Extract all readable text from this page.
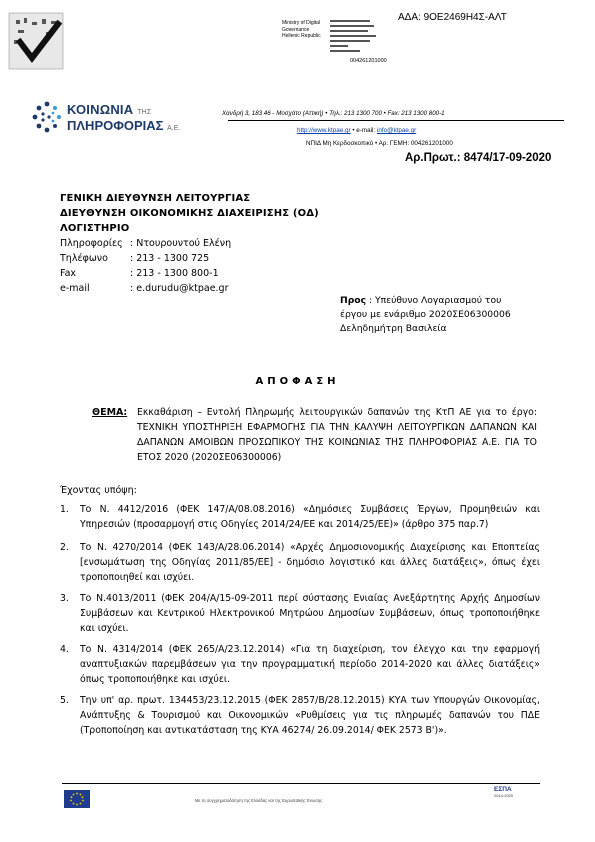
ΑΔΑ: 9ΟΕ2469Η4Σ-ΑΛΤ
Ministry of Digital
Governance
Hellenic Republic
004261201000
ΚΟΙΝΩΝΙΑ ΤΗΣ
ΠΛΗΡΟΦΟΡΙΑΣ Α.Ε.
Χανδρή 3, 183 46 - Μοσχάτο (Αττική) • Τηλ.: 213 1300 700 • Fax: 213 1300 800-1
http://www.ktpae.gr • e-mail: info@ktpae.gr
ΝΠΙΔ Μη Κερδοσκοπικό • Αρ. ΓΕΜΗ: 004261201000
Αρ.Πρωτ.: 8474/17-09-2020
ΓΕΝΙΚΗ ΔΙΕΥΘΥΝΣΗ ΛΕΙΤΟΥΡΓΙΑΣ
ΔΙΕΥΘΥΝΣΗ ΟΙΚΟΝΟΜΙΚΗΣ ΔΙΑΧΕΙΡΙΣΗΣ (ΟΔ)
ΛΟΓΙΣΤΗΡΙΟ
Πληροφορίες : Ντουρουντού Ελένη
Τηλέφωνο : 213 - 1300 725
Fax	: 213 - 1300 800-1
e-mail	: e.durudu@ktpae.gr
Προς : Υπεύθυνο Λογαριασμού του
έργου με ενάριθμο 2020ΣΕ06300006
Δεληδημήτρη Βασιλεία
ΑΠΟΦΑΣΗ
ΘΕΜΑ: Εκκαθάριση – Εντολή Πληρωμής λειτουργικών δαπανών της ΚτΠ ΑΕ για το έργο: ΤΕΧΝΙΚΗ ΥΠΟΣΤΗΡΙΞΗ ΕΦΑΡΜΟΓΗΣ ΓΙΑ ΤΗΝ ΚΑΛΥΨΗ ΛΕΙΤΟΥΡΓΙΚΩΝ ΔΑΠΑΝΩΝ ΚΑΙ ΔΑΠΑΝΩΝ ΑΜΟΙΒΩΝ ΠΡΟΣΩΠΙΚΟΥ ΤΗΣ ΚΟΙΝΩΝΙΑΣ ΤΗΣ ΠΛΗΡΟΦΟΡΙΑΣ Α.Ε. ΓΙΑ ΤΟ ΕΤΟΣ 2020 (2020ΣΕ06300006)
Έχοντας υπόψη:
1. Το Ν. 4412/2016 (ΦΕΚ 147/Α/08.08.2016) «Δημόσιες Συμβάσεις Έργων, Προμηθειών και Υπηρεσιών (προσαρμογή στις Οδηγίες 2014/24/ΕΕ και 2014/25/ΕΕ)» (άρθρο 375 παρ.7)
2. Το Ν. 4270/2014 (ΦΕΚ 143/Α/28.06.2014) «Αρχές Δημοσιονομικής Διαχείρισης και Εποπτείας [ενσωμάτωση της Οδηγίας 2011/85/ΕΕ] - δημόσιο λογιστικό και άλλες διατάξεις», όπως έχει τροποποιηθεί και ισχύει.
3. Το Ν.4013/2011 (ΦΕΚ 204/Α/15-09-2011 περί σύστασης Ενιαίας Ανεξάρτητης Αρχής Δημοσίων Συμβάσεων και Κεντρικού Ηλεκτρονικού Μητρώου Δημοσίων Συμβάσεων, όπως τροποποιήθηκε και ισχύει.
4. Το Ν. 4314/2014 (ΦΕΚ 265/Α/23.12.2014) «Για τη διαχείριση, τον έλεγχο και την εφαρμογή αναπτυξιακών παρεμβάσεων για την προγραμματική περίοδο 2014-2020 και άλλες διατάξεις» όπως τροποποιήθηκε και ισχύει.
5. Την υπ' αρ. πρωτ. 134453/23.12.2015 (ΦΕΚ 2857/Β/28.12.2015) ΚΥΑ των Υπουργών Οικονομίας, Ανάπτυξης & Τουρισμού και Οικονομικών «Ρυθμίσεις για τις πληρωμές δαπανών του ΠΔΕ (Τροποποίηση και αντικατάσταση της ΚΥΑ 46274/ 26.09.2014/ ΦΕΚ 2573 Β')».
Με τη συγχρηματοδότηση της Ελλάδας και της Ευρωπαϊκής Ένωσης
ΕΣΠΑ
2014-2020
